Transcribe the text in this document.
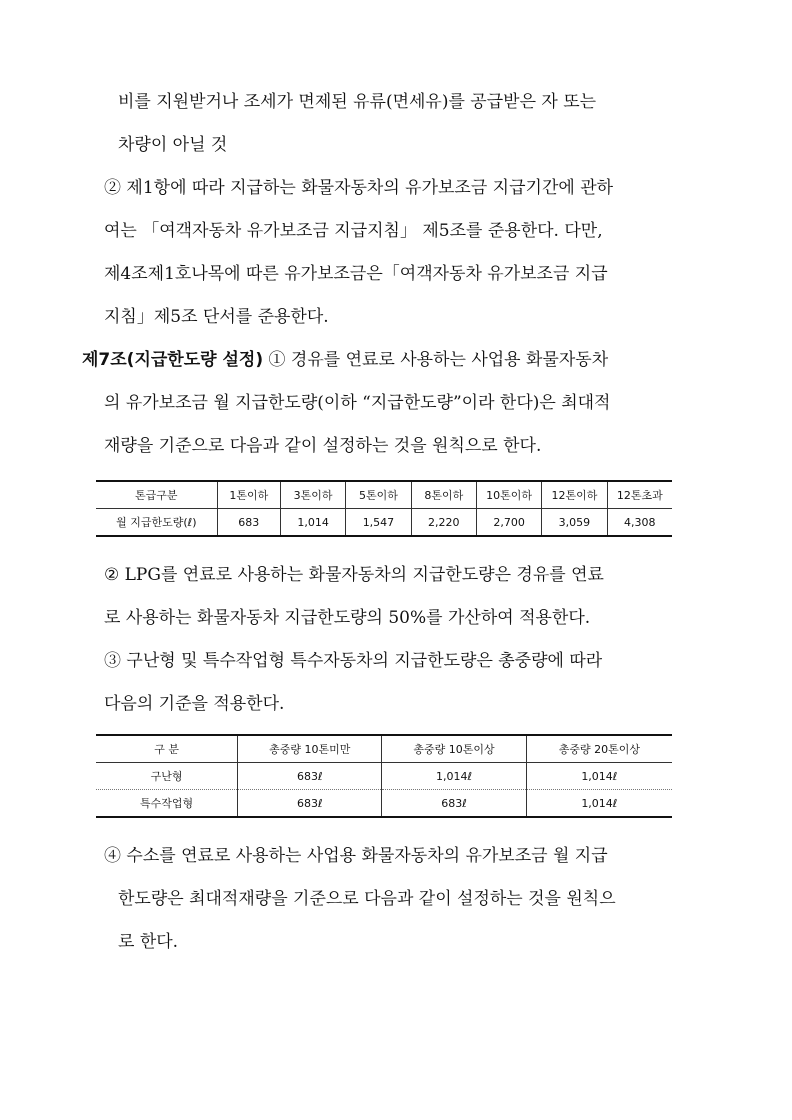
비를 지원받거나 조세가 면제된 유류(면세유)를 공급받은 자 또는
차량이 아닐 것
② 제1항에 따라 지급하는 화물자동차의 유가보조금 지급기간에 관하
여는 「여객자동차 유가보조금 지급지침」 제5조를 준용한다. 다만,
제4조제1호나목에 따른 유가보조금은「여객자동차 유가보조금 지급
지침」제5조 단서를 준용한다.
제7조(지급한도량 설정) ① 경유를 연료로 사용하는 사업용 화물자동차
의 유가보조금 월 지급한도량(이하 “지급한도량”이라 한다)은 최대적
재량을 기준으로 다음과 같이 설정하는 것을 원칙으로 한다.
톤급구분	1톤이하	3톤이하	5톤이하	8톤이하	10톤이하	12톤이하	12톤초과
월 지급한도량(ℓ)	683	1,014	1,547	2,220	2,700	3,059	4,308
② LPG를 연료로 사용하는 화물자동차의 지급한도량은 경유를 연료
로 사용하는 화물자동차 지급한도량의 50%를 가산하여 적용한다.
③ 구난형 및 특수작업형 특수자동차의 지급한도량은 총중량에 따라
다음의 기준을 적용한다.
구 분	총중량 10톤미만	총중량 10톤이상	총중량 20톤이상
구난형	683ℓ	1,014ℓ	1,014ℓ
특수작업형	683ℓ	683ℓ	1,014ℓ
④ 수소를 연료로 사용하는 사업용 화물자동차의 유가보조금 월 지급
한도량은 최대적재량을 기준으로 다음과 같이 설정하는 것을 원칙으
로 한다.
